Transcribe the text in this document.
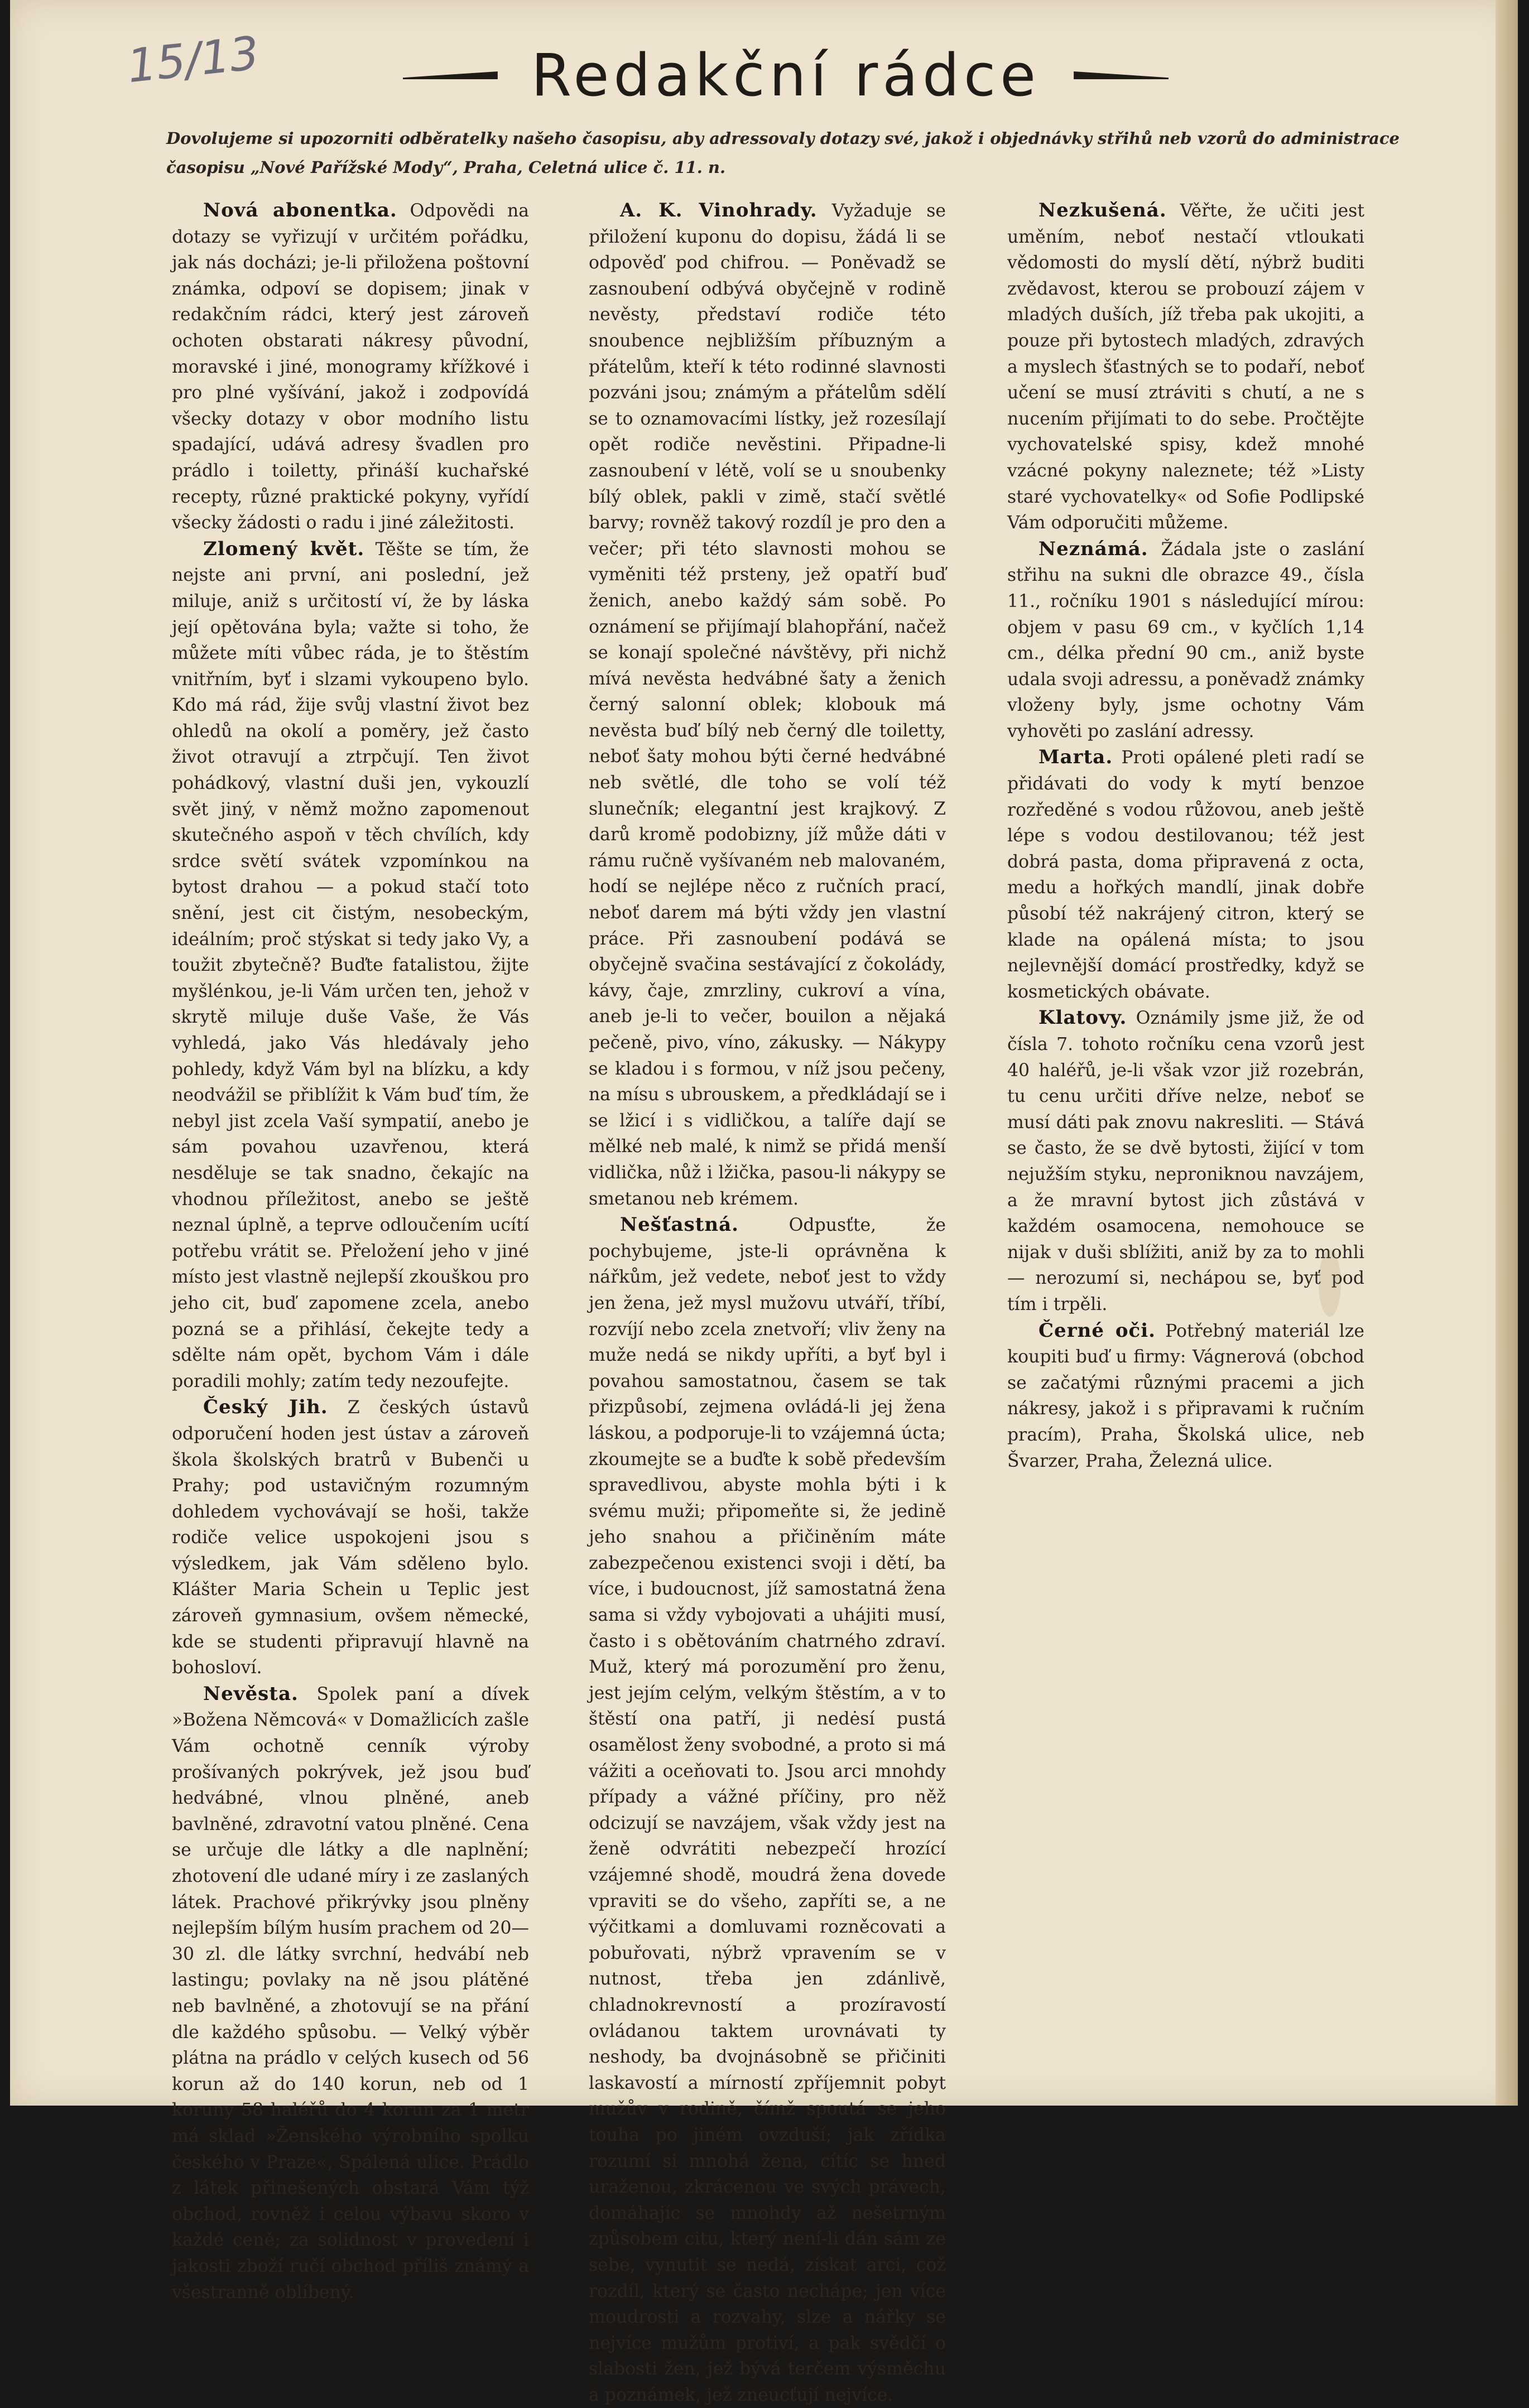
15/13	Redakční rádce
Dovolujeme si upozorniti odběratelky našeho časopisu, aby adressovaly dotazy své, jakož i objednávky střihů neb vzorů do administrace časopisu „Nové Pařížské Mody“, Praha, Celetná ulice č. 11. n.

Nová abonentka. Odpovědi na dotazy se vyřizují v určitém pořádku, jak nás docházi; je-li přiložena poštovní známka, odpoví se dopisem; jinak v redakčním rádci, který jest zároveň ochoten obstarati nákresy původní, moravské i jiné, monogramy křížkové i pro plné vyšívání, jakož i zodpovídá všecky dotazy v obor modního listu spadající, udává adresy švadlen pro prádlo i toiletty, přináší kuchařské recepty, různé praktické pokyny, vyřídí všecky žádosti o radu i jiné záležitosti.

Zlomený květ. Těšte se tím, že nejste ani první, ani poslední, jež miluje, aniž s určitostí ví, že by láska její opětována byla; važte si toho, že můžete míti vůbec ráda, je to štěstím vnitřním, byť i slzami vykoupeno bylo. Kdo má rád, žije svůj vlastní život bez ohledů na okolí a poměry, jež často život otravují a ztrpčují. Ten život pohádkový, vlastní duši jen, vykouzlí svět jiný, v němž možno zapomenout skutečného aspoň v těch chvílích, kdy srdce světí svátek vzpomínkou na bytost drahou — a pokud stačí toto snění, jest cit čistým, nesobeckým, ideálním; proč stýskat si tedy jako Vy, a toužit zbytečně? Buďte fatalistou, žijte myšlénkou, je-li Vám určen ten, jehož v skrytě miluje duše Vaše, že Vás vyhledá, jako Vás hledávaly jeho pohledy, když Vám byl na blízku, a kdy neodvážil se přiblížit k Vám buď tím, že nebyl jist zcela Vaší sympatií, anebo je sám povahou uzavřenou, která nesděluje se tak snadno, čekajíc na vhodnou příležitost, anebo se ještě neznal úplně, a teprve odloučením ucítí potřebu vrátit se. Přeložení jeho v jiné místo jest vlastně nejlepší zkouškou pro jeho cit, buď zapomene zcela, anebo pozná se a přihlásí, čekejte tedy a sdělte nám opět, bychom Vám i dále poradili mohly; zatím tedy nezoufejte.

Český Jih. Z českých ústavů odporučení hoden jest ústav a zároveň škola školských bratrů v Bubenči u Prahy; pod ustavičným rozumným dohledem vychovávají se hoši, takže rodiče velice uspokojeni jsou s výsledkem, jak Vám sděleno bylo. Klášter Maria Schein u Teplic jest zároveň gymnasium, ovšem německé, kde se studenti připravují hlavně na bohosloví.

Nevěsta. Spolek paní a dívek »Božena Němcová« v Domažlicích zašle Vám ochotně cenník výroby prošívaných pokrývek, jež jsou buď hedvábné, vlnou plněné, aneb bavlněné, zdravotní vatou plněné. Cena se určuje dle látky a dle naplnění; zhotovení dle udané míry i ze zaslaných látek. Prachové přikrývky jsou plněny nejlepším bílým husím prachem od 20—30 zl. dle látky svrchní, hedvábí neb lastingu; povlaky na ně jsou plátěné neb bavlněné, a zhotovují se na přání dle každého spůsobu. — Velký výběr plátna na prádlo v celých kusech od 56 korun až do 140 korun, neb od 1 koruny 58 haléřů do 4 korun za 1 metr má sklad »Ženského výrobního spolku českého v Praze«, Spálená ulice. Prádlo z látek přinešených obstará Vám týž obchod, rovněž i celou výbavu skoro v každé ceně; za solidnost v provedení i jakosti zboží ručí obchod příliš známý a všestranně oblíbený.

A. K. Vinohrady. Vyžaduje se přiložení kuponu do dopisu, žádá li se odpověď pod chifrou. — Poněvadž se zasnoubení odbývá obyčejně v rodině nevěsty, představí rodiče této snoubence nejbližším příbuzným a přátelům, kteří k této rodinné slavnosti pozváni jsou; známým a přátelům sdělí se to oznamovacími lístky, jež rozesílají opět rodiče nevěstini. Připadne-li zasnoubení v létě, volí se u snoubenky bílý oblek, pakli v zimě, stačí světlé barvy; rovněž takový rozdíl je pro den a večer; při této slavnosti mohou se vyměniti též prsteny, jež opatří buď ženich, anebo každý sám sobě. Po oznámení se přijímají blahopřání, načež se konají společné návštěvy, při nichž mívá nevěsta hedvábné šaty a ženich černý salonní oblek; klobouk má nevěsta buď bílý neb černý dle toiletty, neboť šaty mohou býti černé hedvábné neb světlé, dle toho se volí též slunečník; elegantní jest krajkový. Z darů kromě podobizny, jíž může dáti v rámu ručně vyšívaném neb malovaném, hodí se nejlépe něco z ručních prací, neboť darem má býti vždy jen vlastní práce. Při zasnoubení podává se obyčejně svačina sestávající z čokolády, kávy, čaje, zmrzliny, cukroví a vína, aneb je-li to večer, bouilon a nějaká pečeně, pivo, víno, zákusky. — Nákypy se kladou i s formou, v níž jsou pečeny, na mísu s ubrouskem, a předkládají se i se lžicí i s vidličkou, a talíře dají se mělké neb malé, k nimž se přidá menší vidlička, nůž i lžička, pasou-li nákypy se smetanou neb krémem.

Nešťastná.	Odpusťte, že pochybujeme, jste-li oprávněna k nářkům, jež vedete, neboť jest to vždy jen žena, jež mysl mužovu utváří, tříbí, rozvíjí nebo zcela znetvoří; vliv ženy na muže nedá se nikdy upříti, a byť byl i povahou samostatnou, časem se tak přizpůsobí, zejmena ovládá-li jej žena láskou, a podporuje-li to vzájemná úcta; zkoumejte se a buďte k sobě především spravedlivou, abyste mohla býti i k svému muži; připomeňte si, že jedině jeho snahou a přičiněním máte zabezpečenou existenci svoji i dětí, ba více, i budoucnost, jíž samostatná žena sama si vždy vybojovati a uhájiti musí, často i s obětováním chatrného zdraví. Muž, který má porozumění pro ženu, jest jejím celým, velkým štěstím, a v to štěstí ona patří, ji nedėsí pustá osamělost ženy svobodné, a proto si má vážiti a oceňovati to. Jsou arci mnohdy případy a vážné příčiny, pro něž odcizují se navzájem, však vždy jest na ženě odvrátiti nebezpečí hrozící vzájemné shodě, moudrá žena dovede vpraviti se do všeho, zapříti se, a ne výčitkami a domluvami rozněcovati a pobuřovati, nýbrž vpravením se v nutnost, třeba jen zdánlivě, chladnokrevností a prozíravostí ovládanou taktem urovnávati ty neshody, ba dvojnásobně se přičiniti laskavostí a mírností zpříjemnit pobyt mužův v rodině, čímž spoutá se jeho touha po jiném ovzduší; jak zřídka rozumí si mnohá žena, cítíc se hned uraženou, zkrácenou ve svých právech, domáhajíc se mnohdy až nešetrným způsobem citu, který není-li dán sám ze sebe, vynutit se nedá, získat arci, což rozdíl, který se často nechápe; jen více moudrosti a rozvahy, slze a nářky se nejvíce mužům protiví, a pak svědčí o slabosti žen, jež bývá terčem výsměchu a poznámek, jež zneucťují nejvíce.

Nezkušená. Věřte, že učiti jest uměním, neboť nestačí vtloukati vědomosti do myslí dětí, nýbrž buditi zvědavost, kterou se probouzí zájem v mladých duších, jíž třeba pak ukojiti, a pouze při bytostech mladých, zdravých a myslech šťastných se to podaří, neboť učení se musí ztráviti s chutí, a ne s nucením přijímati to do sebe. Pročtějte vychovatelské spisy, kdež mnohé vzácné pokyny naleznete; též »Listy staré vychovatelky« od Sofie Podlipské Vám odporučiti můžeme.

Neznámá. Žádala jste o zaslání střihu na sukni dle obrazce 49., čísla 11., ročníku 1901 s následující mírou: objem v pasu 69 cm., v kyčlích 1,14 cm., délka přední 90 cm., aniž byste udala svoji adressu, a poněvadž známky vloženy byly, jsme ochotny Vám vyhověti po zaslání adressy.

Marta. Proti opálené pleti radí se přidávati do vody k mytí benzoe rozředěné s vodou růžovou, aneb ještě lépe s vodou destilovanou; též jest dobrá pasta, doma připravená z octa, medu a hořkých mandlí, jinak dobře působí též nakrájený citron, který se klade na opálená místa; to jsou nejlevnější domácí prostředky, když se kosmetických obávate.

Klatovy. Oznámily jsme již, že od čísla 7. tohoto ročníku cena vzorů jest 40 haléřů, je-li však vzor již rozebrán, tu cenu určiti dříve nelze, neboť se musí dáti pak znovu nakresliti. — Stává se často, že se dvě bytosti, žijící v tom nejužším styku, neproniknou navzájem, a že mravní bytost jich zůstává v každém osamocena, nemohouce se nijak v duši sblížiti, aniž by za to mohli — nerozumí si, nechápou se, byť pod tím i trpěli.

Černé oči. Potřebný materiál lze koupiti buď u firmy: Vágnerová (obchod se začatými různými pracemi a jich nákresy, jakož i s připravami k ručním pracím), Praha, Školská ulice, neb Švarzer, Praha, Železná ulice.
